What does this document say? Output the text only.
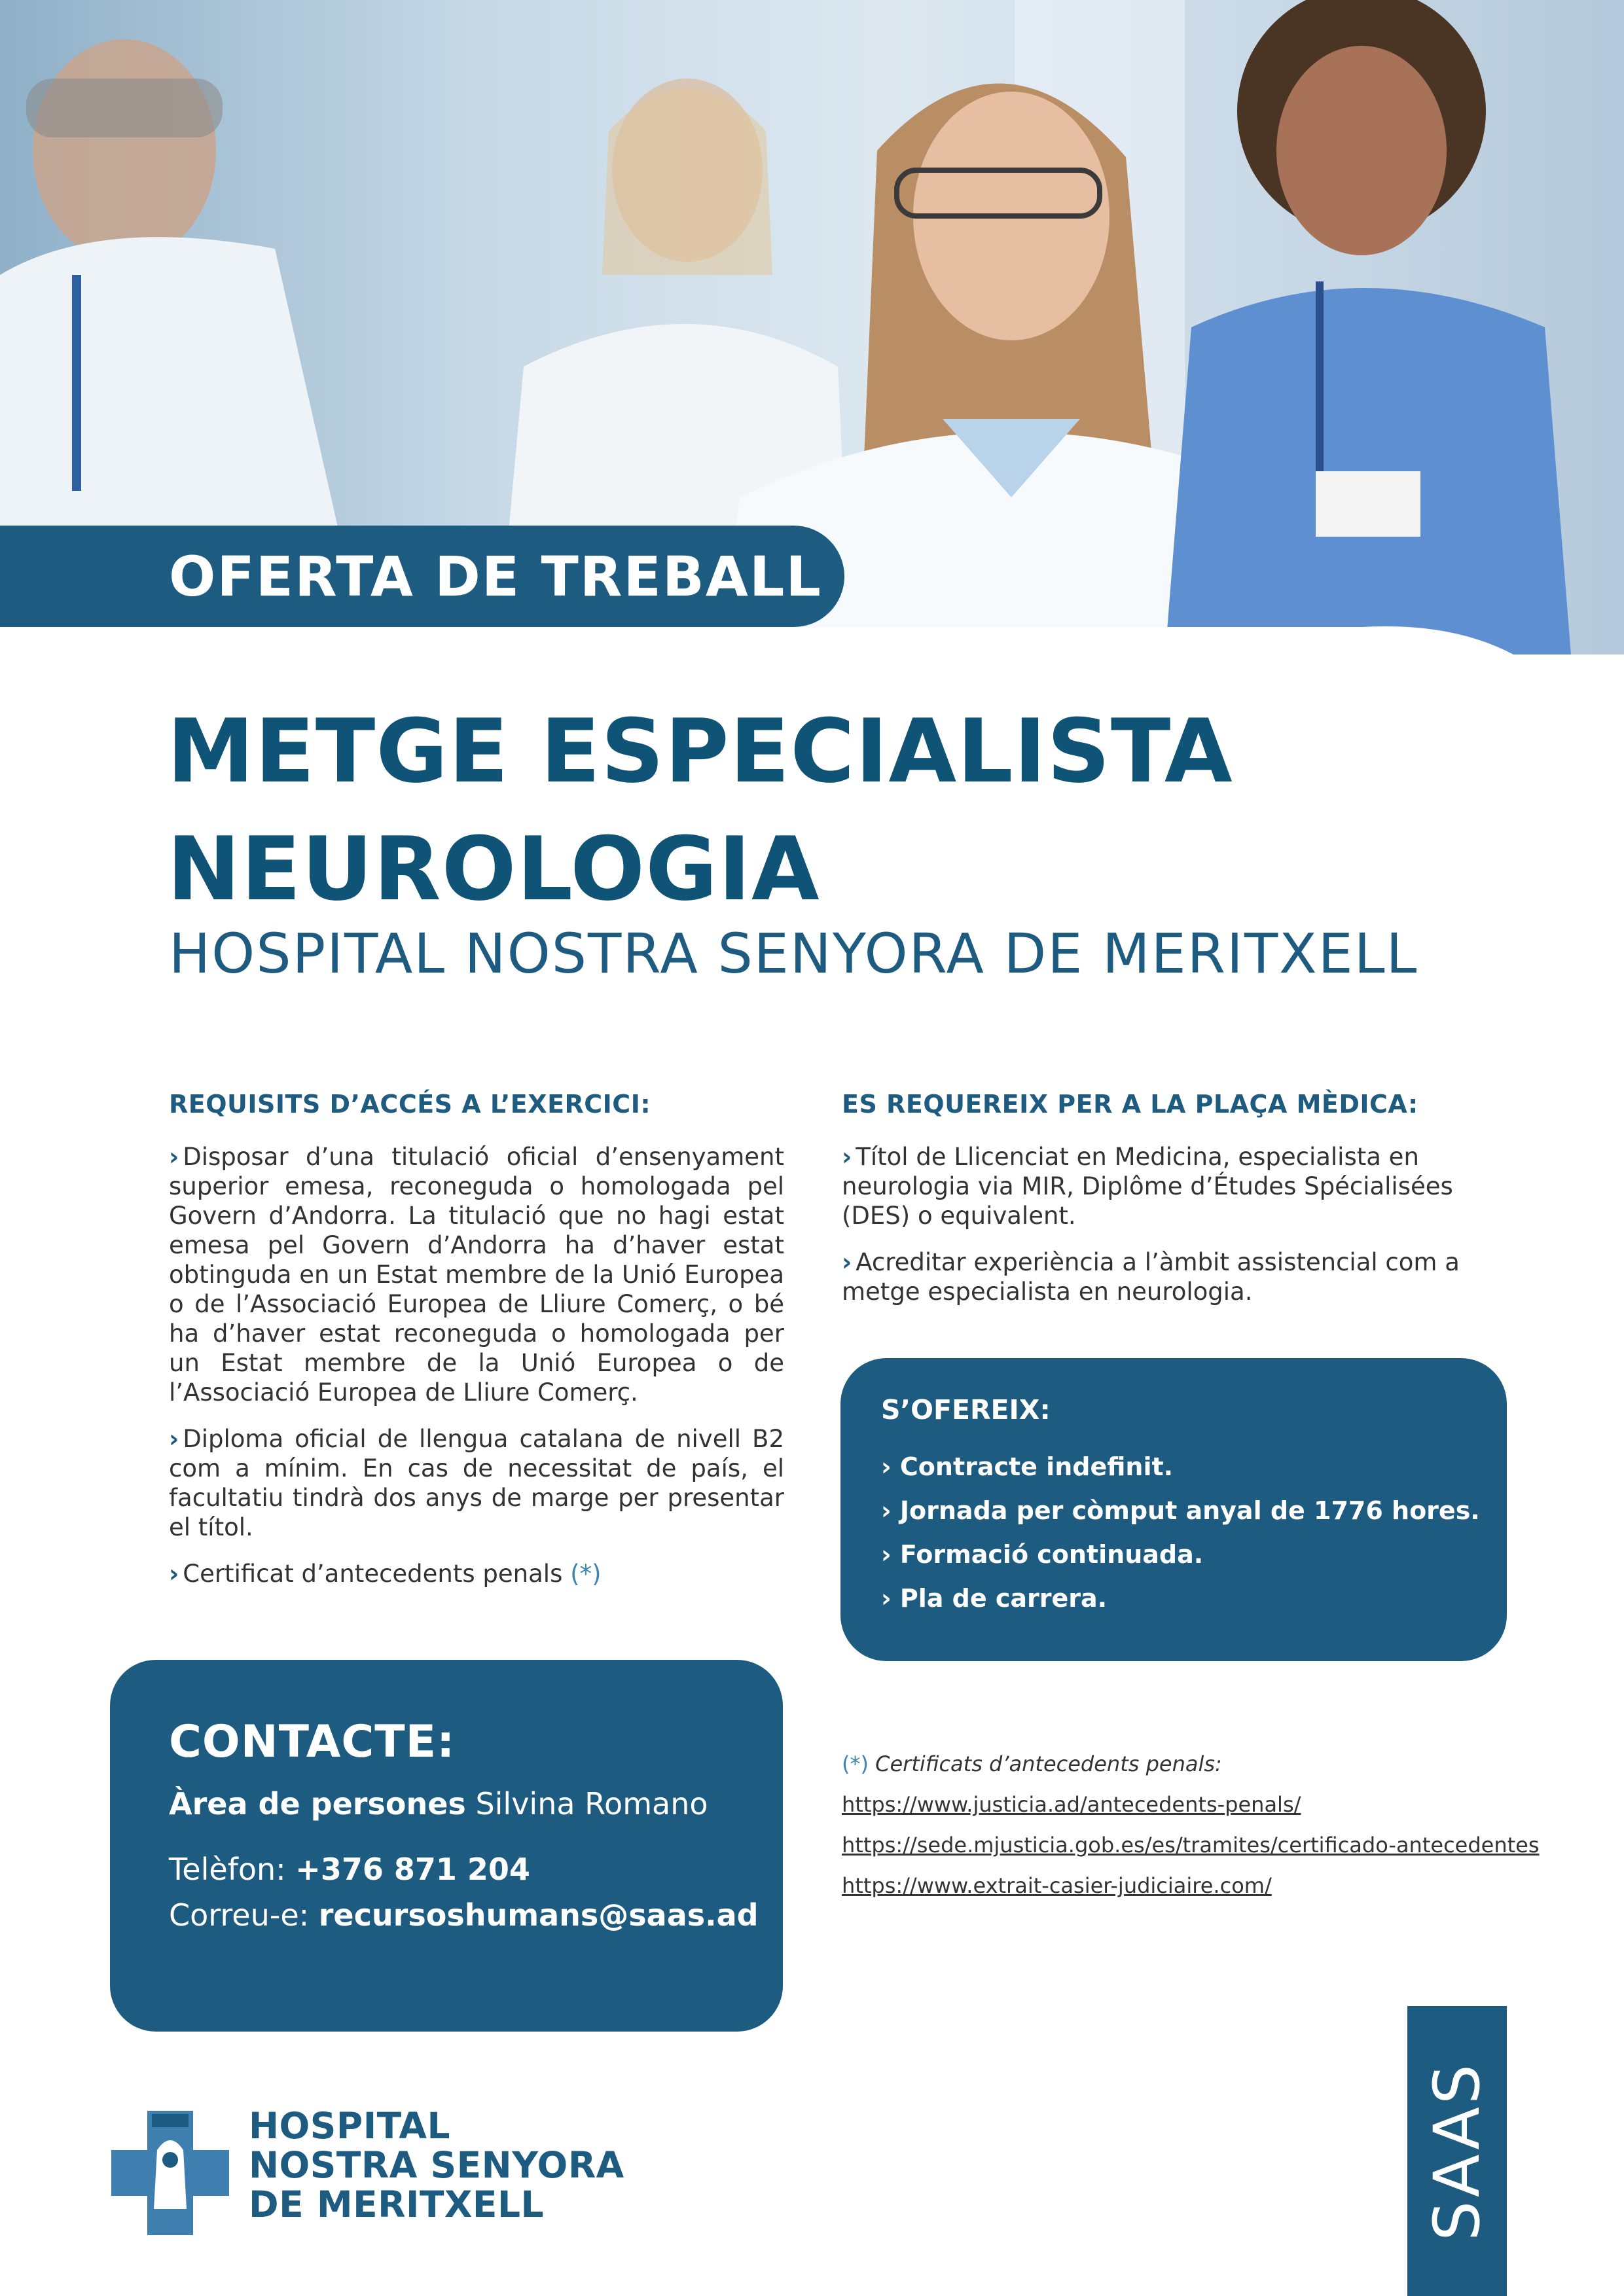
OFERTA DE TREBALL
METGE ESPECIALISTA
NEUROLOGIA
HOSPITAL NOSTRA SENYORA DE MERITXELL
REQUISITS D’ACCÉS A L’EXERCICI:

› Disposar d’una titulació oficial d’ensenyament superior emesa, reconeguda o homologada pel Govern d’Andorra. La titulació que no hagi estat emesa pel Govern d’Andorra ha d’haver estat obtinguda en un Estat membre de la Unió Europea o de l’Associació Europea de Lliure Comerç, o bé ha d’haver estat reconeguda o homologada per un Estat membre de la Unió Europea o de l’Associació Europea de Lliure Comerç.

› Diploma oficial de llengua catalana de nivell B2 com a mínim. En cas de necessitat de país, el facultatiu tindrà dos anys de marge per presentar el títol.

› Certificat d’antecedents penals (*)

ES REQUEREIX PER A LA PLAÇA MÈDICA:

› Títol de Llicenciat en Medicina, especialista en neurologia via MIR, Diplôme d’Études Spécialisées (DES) o equivalent.

› Acreditar experiència a l’àmbit assistencial com a metge especialista en neurologia.

S’OFEREIX:
› Contracte indefinit.
› Jornada per còmput anyal de 1776 hores.
› Formació continuada.
› Pla de carrera.
CONTACTE:
Àrea de persones Silvina Romano
Telèfon: +376 871 204
Correu-e: recursoshumans@saas.ad
(*) Certificats d’antecedents penals:
https://www.justicia.ad/antecedents-penals/
https://sede.mjusticia.gob.es/es/tramites/certificado-antecedentes
https://www.extrait-casier-judiciaire.com/
HOSPITAL
NOSTRA SENYORA
DE MERITXELL	SAAS
